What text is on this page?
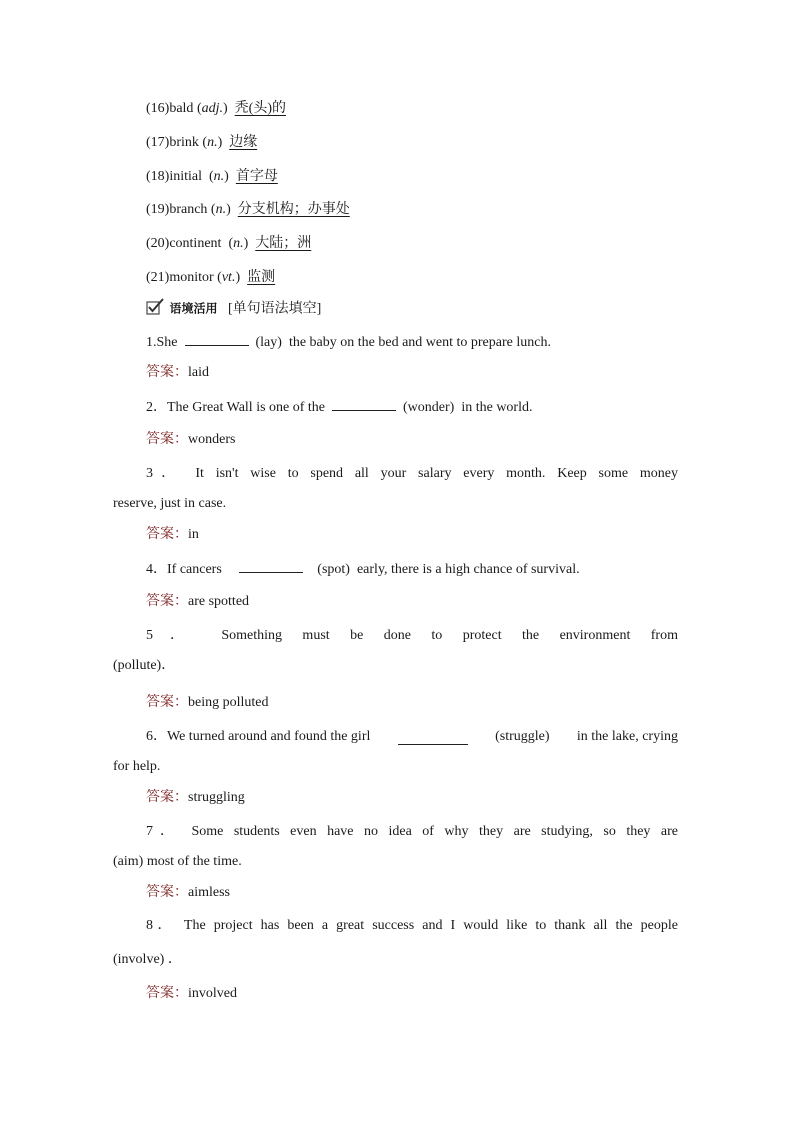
(16)bald (adj.)  秃(头)的
(17)brink (n.)  边缘
(18)initial  (n.)  首字母
(19)branch (n.)  分支机构；办事处
(20)continent  (n.)  大陆；洲
(21)monitor (vt.)  监测
语境活用 [单句语法填空]
1.She	(lay) the baby on the bed and went to prepare lunch.
答案：laid
2．The Great Wall is one of the	(wonder) in the world.
答案：wonders
3． It isn't wise to spend all your salary every month. Keep some money
reserve, just in case.
答案：in
4．If cancers	(spot) early, there is a high chance of survival.
答案：are spotted
5． Something must be done to protect the environment from
(pollute)．
答案：being polluted
6．We turned around and found the girl	(struggle) in the lake, crying
for help.
答案：struggling
7． Some students even have no idea of why they are studying, so they are
(aim) most of the time.
答案：aimless
8． The project has been a great success and I would like to thank all the people
(involve) ．
答案：involved
